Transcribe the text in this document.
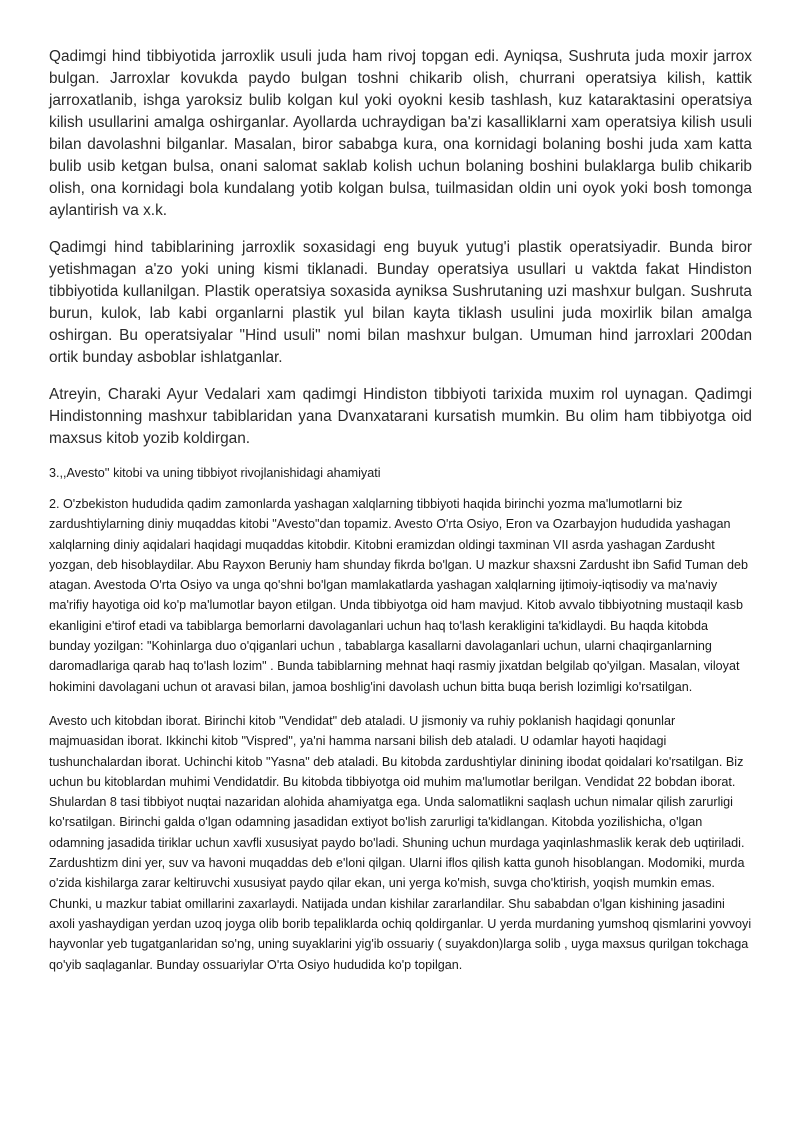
Qadimgi hind tibbiyotida jarroxlik usuli juda ham rivoj topgan edi. Ayniqsa, Sushruta juda moxir jarrox bulgan. Jarroxlar kovukda paydo bulgan toshni chikarib olish, churrani operatsiya kilish, kattik jarroxatlanib, ishga yaroksiz bulib kolgan kul yoki oyokni kesib tashlash, kuz kataraktasini operatsiya kilish usullarini amalga oshirganlar. Ayollarda uchraydigan ba'zi kasalliklarni xam operatsiya kilish usuli bilan davolashni bilganlar. Masalan, biror sababga kura, ona kornidagi bolaning boshi juda xam katta bulib usib ketgan bulsa, onani salomat saklab kolish uchun bolaning boshini bulaklarga bulib chikarib olish, ona kornidagi bola kundalang yotib kolgan bulsa, tuilmasidan oldin uni oyok yoki bosh tomonga aylantirish va x.k.

Qadimgi hind tabiblarining jarroxlik soxasidagi eng buyuk yutug'i plastik operatsiyadir. Bunda biror yetishmagan a'zo yoki uning kismi tiklanadi. Bunday operatsiya usullari u vaktda fakat Hindiston tibbiyotida kullanilgan. Plastik operatsiya soxasida ayniksa Sushrutaning uzi mashxur bulgan. Sushruta burun, kulok, lab kabi organlarni plastik yul bilan kayta tiklash usulini juda moxirlik bilan amalga oshirgan. Bu operatsiyalar "Hind usuli" nomi bilan mashxur bulgan. Umuman hind jarroxlari 200dan ortik bunday asboblar ishlatganlar.

Atreyin, Charaki Ayur Vedalari xam qadimgi Hindiston tibbiyoti tarixida muxim rol uynagan. Qadimgi Hindistonning mashxur tabiblaridan yana Dvanxatarani kursatish mumkin. Bu olim ham tibbiyotga oid maxsus kitob yozib koldirgan.

3.,,Avesto'' kitobi va uning tibbiyot rivojlanishidagi ahamiyati

2. O'zbekiston hududida qadim zamonlarda yashagan xalqlarning tibbiyoti haqida birinchi yozma ma'lumotlarni biz zardushtiylarning diniy muqaddas kitobi "Avesto"dan topamiz. Avesto O'rta Osiyo, Eron va Ozarbayjon hududida yashagan xalqlarning diniy aqidalari haqidagi muqaddas kitobdir. Kitobni eramizdan oldingi taxminan VII asrda yashagan Zardusht yozgan, deb hisoblaydilar. Abu Rayxon Beruniy ham shunday fikrda bo'lgan. U mazkur shaxsni Zardusht ibn Safid Tuman deb atagan. Avestoda O'rta Osiyo va unga qo'shni bo'lgan mamlakatlarda yashagan xalqlarning ijtimoiy-iqtisodiy va ma'naviy ma'rifiy hayotiga oid ko'p ma'lumotlar bayon etilgan. Unda tibbiyotga oid ham mavjud. Kitob avvalo tibbiyotning mustaqil kasb ekanligini e'tirof etadi va tabiblarga bemorlarni davolaganlari uchun haq to'lash kerakligini ta'kidlaydi. Bu haqda kitobda bunday yozilgan: "Kohinlarga duo o'qiganlari uchun , tabablarga kasallarni davolaganlari uchun, ularni chaqirganlarning daromadlariga qarab haq to'lash lozim" . Bunda tabiblarning mehnat haqi rasmiy jixatdan belgilab qo'yilgan. Masalan, viloyat hokimini davolagani uchun ot aravasi bilan, jamoa boshlig'ini davolash uchun bitta buqa berish lozimligi ko'rsatilgan.

Avesto uch kitobdan iborat. Birinchi kitob "Vendidat" deb ataladi. U jismoniy va ruhiy poklanish haqidagi qonunlar majmuasidan iborat. Ikkinchi kitob "Vispred", ya'ni hamma narsani bilish deb ataladi. U odamlar hayoti haqidagi tushunchalardan iborat. Uchinchi kitob "Yasna" deb ataladi. Bu kitobda zardushtiylar dinining ibodat qoidalari ko'rsatilgan. Biz uchun bu kitoblardan muhimi Vendidatdir. Bu kitobda tibbiyotga oid muhim ma'lumotlar berilgan. Vendidat 22 bobdan iborat. Shulardan 8 tasi tibbiyot nuqtai nazaridan alohida ahamiyatga ega. Unda salomatlikni saqlash uchun nimalar qilish zarurligi ko'rsatilgan. Birinchi galda o'lgan odamning jasadidan extiyot bo'lish zarurligi ta'kidlangan. Kitobda yozilishicha, o'lgan odamning jasadida tiriklar uchun xavfli xususiyat paydo bo'ladi. Shuning uchun murdaga yaqinlashmaslik kerak deb uqtiriladi. Zardushtizm dini yer, suv va havoni muqaddas deb e'loni qilgan. Ularni iflos qilish katta gunoh hisoblangan. Modomiki, murda o'zida kishilarga zarar keltiruvchi xususiyat paydo qilar ekan, uni yerga ko'mish, suvga cho'ktirish, yoqish mumkin emas. Chunki, u mazkur tabiat omillarini zaxarlaydi. Natijada undan kishilar zararlandilar. Shu sababdan o'lgan kishining jasadini axoli yashaydigan yerdan uzoq joyga olib borib tepaliklarda ochiq qoldirganlar. U yerda murdaning yumshoq qismlarini yovvoyi hayvonlar yeb tugatganlaridan so'ng, uning suyaklarini yig'ib ossuariy ( suyakdon)larga solib , uyga maxsus qurilgan tokchaga qo'yib saqlaganlar. Bunday ossuariylar O'rta Osiyo hududida ko'p topilgan.
